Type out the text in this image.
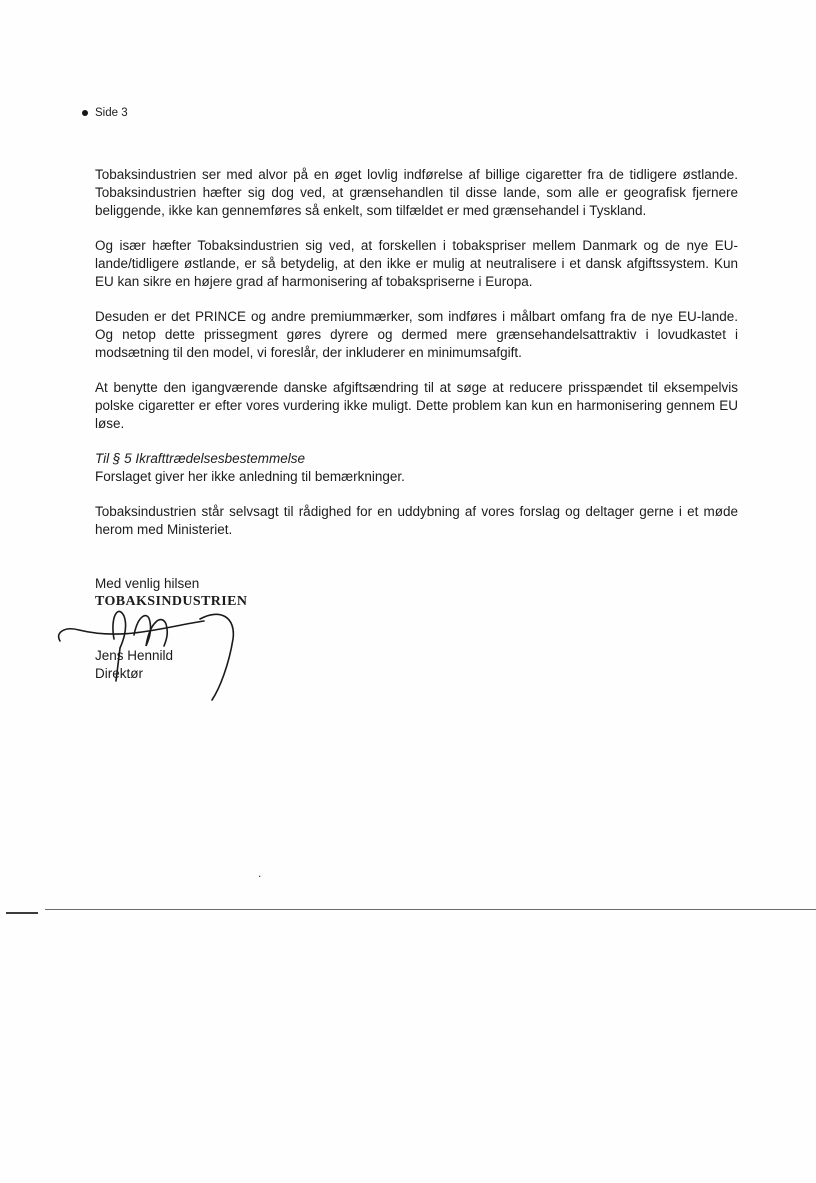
Side 3

Tobaksindustrien ser med alvor på en øget lovlig indførelse af billige cigaretter fra de tidligere østlande. Tobaksindustrien hæfter sig dog ved, at grænsehandlen til disse lande, som alle er geografisk fjernere beliggende, ikke kan gennemføres så enkelt, som tilfældet er med grænsehandel i Tyskland.

Og især hæfter Tobaksindustrien sig ved, at forskellen i tobakspriser mellem Danmark og de nye EU-lande/tidligere østlande, er så betydelig, at den ikke er mulig at neutralisere i et dansk afgiftssystem. Kun EU kan sikre en højere grad af harmonisering af tobakspriserne i Europa.

Desuden er det PRINCE og andre premiummærker, som indføres i målbart omfang fra de nye EU-lande. Og netop dette prissegment gøres dyrere og dermed mere grænsehandelsattraktiv i lovudkastet i modsætning til den model, vi foreslår, der inkluderer en minimumsafgift.

At benytte den igangværende danske afgiftsændring til at søge at reducere prisspændet til eksempelvis polske cigaretter er efter vores vurdering ikke muligt. Dette problem kan kun en harmonisering gennem EU løse.

Til § 5 Ikrafttrædelsesbestemmelse

Forslaget giver her ikke anledning til bemærkninger.

Tobaksindustrien står selvsagt til rådighed for en uddybning af vores forslag og deltager gerne i et møde herom med Ministeriet.

Med venlig hilsen
TOBAKSINDUSTRIEN
Jens Hennild
Direktør
.
